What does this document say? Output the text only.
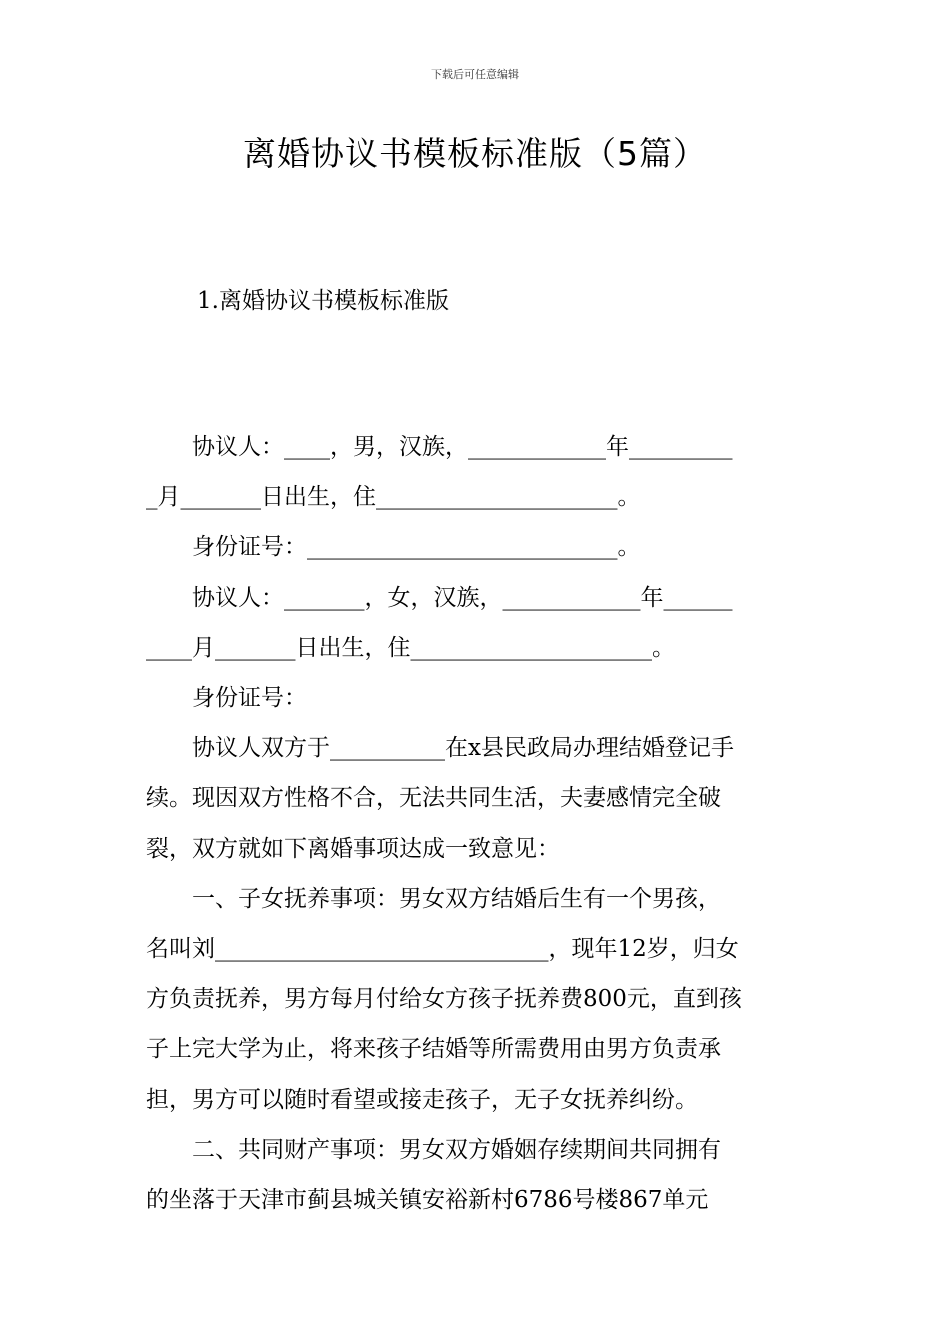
下载后可任意编辑
离婚协议书模板标准版（5篇）
1.离婚协议书模板标准版

协议人：____，男，汉族，____________年_________

_月_______日出生，住_____________________。

身份证号：___________________________。

协议人：_______，女，汉族，____________年______

____月_______日出生，住_____________________。

身份证号：

协议人双方于__________在x县民政局办理结婚登记手

续。现因双方性格不合，无法共同生活，夫妻感情完全破

裂，双方就如下离婚事项达成一致意见：

一、子女抚养事项：男女双方结婚后生有一个男孩，

名叫刘_____________________________，现年12岁，归女

方负责抚养，男方每月付给女方孩子抚养费800元，直到孩

子上完大学为止，将来孩子结婚等所需费用由男方负责承

担，男方可以随时看望或接走孩子，无子女抚养纠纷。

二、共同财产事项：男女双方婚姻存续期间共同拥有

的坐落于天津市蓟县城关镇安裕新村6786号楼867单元
